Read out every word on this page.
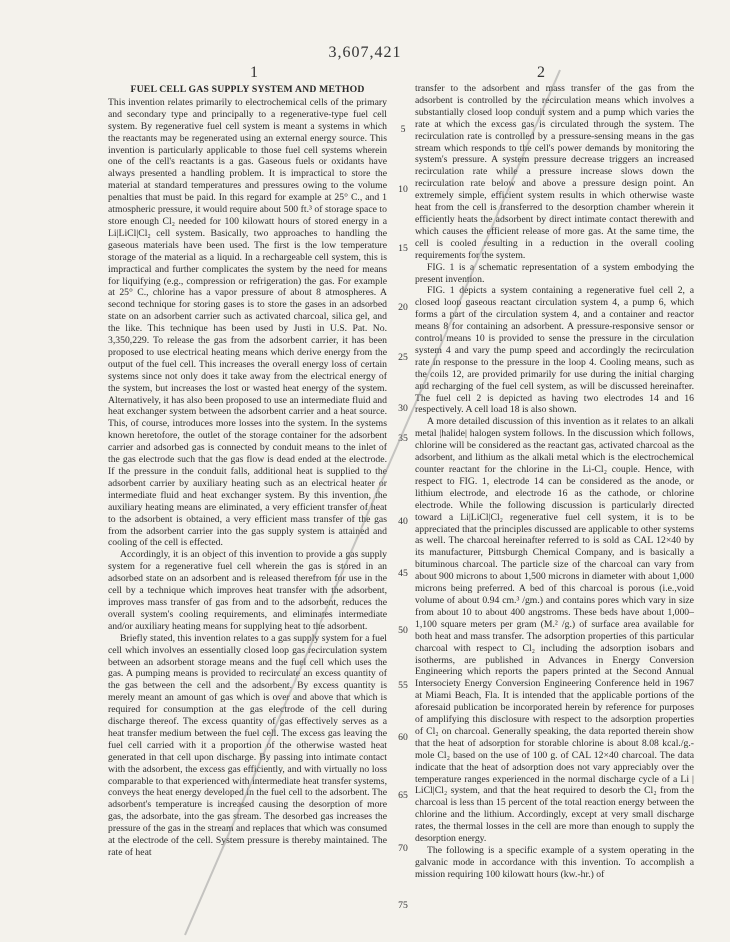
3,607,421
1	2
FUEL CELL GAS SUPPLY SYSTEM AND METHOD

This invention relates primarily to electrochemical cells of the primary and secondary type and principally to a regenerative-type fuel cell system. By regenerative fuel cell system is meant a systems in which the reactants may be regenerated using an external energy source. This invention is particularly applicable to those fuel cell systems wherein one of the cell's reactants is a gas. Gaseous fuels or oxidants have always presented a handling problem. It is impractical to store the material at standard temperatures and pressures owing to the volume penalties that must be paid. In this regard for example at 25° C., and 1 atmospheric pressure, it would require about 500 ft.³ of storage space to store enough Cl₂ needed for 100 kilowatt hours of stored energy in a Li|LiCl|Cl₂ cell system. Basically, two approaches to handling the gaseous materials have been used. The first is the low temperature storage of the material as a liquid. In a rechargeable cell system, this is impractical and further complicates the system by the need for means for liquifying (e.g., compression or refrigeration) the gas. For example at 25° C., chlorine has a vapor pressure of about 8 atmospheres. A second technique for storing gases is to store the gases in an adsorbed state on an adsorbent carrier such as activated charcoal, silica gel, and the like. This technique has been used by Justi in U.S. Pat. No. 3,350,229. To release the gas from the adsorbent carrier, it has been proposed to use electrical heating means which derive energy from the output of the fuel cell. This increases the overall energy loss of certain systems since not only does it take away from the electrical energy of the system, but increases the lost or wasted heat energy of the system. Alternatively, it has also been proposed to use an intermediate fluid and heat exchanger system between the adsorbent carrier and a heat source. This, of course, introduces more losses into the system. In the systems known heretofore, the outlet of the storage container for the adsorbent carrier and adsorbed gas is connected by conduit means to the inlet of the gas electrode such that the gas flow is dead ended at the electrode. If the pressure in the conduit falls, additional heat is supplied to the adsorbent carrier by auxiliary heating such as an electrical heater or intermediate fluid and heat exchanger system. By this invention, the auxiliary heating means are eliminated, a very efficient transfer of heat to the adsorbent is obtained, a very efficient mass transfer of the gas from the adsorbent carrier into the gas supply system is attained and cooling of the cell is effected.

Accordingly, it is an object of this invention to provide a gas supply system for a regenerative fuel cell wherein the gas is stored in an adsorbed state on an adsorbent and is released therefrom for use in the cell by a technique which improves heat transfer with the adsorbent, improves mass transfer of gas from and to the adsorbent, reduces the overall system's cooling requirements, and eliminates intermediate and/or auxiliary heating means for supplying heat to the adsorbent.

Briefly stated, this invention relates to a gas supply system for a fuel cell which involves an essentially closed loop gas recirculation system between an adsorbent storage means and the fuel cell which uses the gas. A pumping means is provided to recirculate an excess quantity of the gas between the cell and the adsorbent. By excess quantity is merely meant an amount of gas which is over and above that which is required for consumption at the gas electrode of the cell during discharge thereof. The excess quantity of gas effectively serves as a heat transfer medium between the fuel cell. The excess gas leaving the fuel cell carried with it a proportion of the otherwise wasted heat generated in that cell upon discharge. By passing into intimate contact with the adsorbent, the excess gas efficiently, and with virtually no loss comparable to that experienced with intermediate heat transfer systems, conveys the heat energy developed in the fuel cell to the adsorbent. The adsorbent's temperature is increased causing the desorption of more gas, the adsorbate, into the gas stream. The desorbed gas increases the pressure of the gas in the stream and replaces that which was consumed at the electrode of the cell. System pressure is thereby maintained. The rate of heat

transfer to the adsorbent and mass transfer of the gas from the adsorbent is controlled by the recirculation means which involves a substantially closed loop conduit system and a pump which varies the rate at which the excess gas is circulated through the system. The recirculation rate is controlled by a pressure-sensing means in the gas stream which responds to the cell's power demands by monitoring the system's pressure. A system pressure decrease triggers an increased recirculation rate while a pressure increase slows down the recirculation rate below and above a pressure design point. An extremely simple, efficient system results in which otherwise waste heat from the cell is transferred to the desorption chamber wherein it efficiently heats the adsorbent by direct intimate contact therewith and which causes the efficient release of more gas. At the same time, the cell is cooled resulting in a reduction in the overall cooling requirements for the system.

FIG. 1 is a schematic representation of a system embodying the present invention.

FIG. 1 depicts a system containing a regenerative fuel cell 2, a closed loop gaseous reactant circulation system 4, a pump 6, which forms a part of the circulation system 4, and a container and reactor means 8 for containing an adsorbent. A pressure-responsive sensor or control means 10 is provided to sense the pressure in the circulation system 4 and vary the pump speed and accordingly the recirculation rate in response to the pressure in the loop 4. Cooling means, such as the coils 12, are provided primarily for use during the initial charging and recharging of the fuel cell system, as will be discussed hereinafter. The fuel cell 2 is depicted as having two electrodes 14 and 16 respectively. A cell load 18 is also shown.

A more detailed discussion of this invention as it relates to an alkali metal |halide| halogen system follows. In the discussion which follows, chlorine will be considered as the reactant gas, activated charcoal as the adsorbent, and lithium as the alkali metal which is the electrochemical counter reactant for the chlorine in the Li-Cl₂ couple. Hence, with respect to FIG. 1, electrode 14 can be considered as the anode, or lithium electrode, and electrode 16 as the cathode, or chlorine electrode. While the following discussion is particularly directed toward a Li|LiCl|Cl₂ regenerative fuel cell system, it is to be appreciated that the principles discussed are applicable to other systems as well. The charcoal hereinafter referred to is sold as CAL 12×40 by its manufacturer, Pittsburgh Chemical Company, and is basically a bituminous charcoal. The particle size of the charcoal can vary from about 900 microns to about 1,500 microns in diameter with about 1,000 microns being preferred. A bed of this charcoal is porous (i.e.,void volume of about 0.94 cm.³ /gm.) and contains pores which vary in size from about 10 to about 400 angstroms. These beds have about 1,000–1,100 square meters per gram (M.² /g.) of surface area available for both heat and mass transfer. The adsorption properties of this particular charcoal with respect to Cl₂ including the adsorption isobars and isotherms, are published in Advances in Energy Conversion Engineering which reports the papers printed at the Second Annual Intersociety Energy Conversion Engineering Conference held in 1967 at Miami Beach, Fla. It is intended that the applicable portions of the aforesaid publication be incorporated herein by reference for purposes of amplifying this disclosure with respect to the adsorption properties of Cl₂ on charcoal. Generally speaking, the data reported therein show that the heat of adsorption for storable chlorine is about 8.08 kcal./g.-mole Cl₂ based on the use of 100 g. of CAL 12×40 charcoal. The data indicate that the heat of adsorption does not vary appreciably over the temperature ranges experienced in the normal discharge cycle of a Li | LiCl|Cl₂ system, and that the heat required to desorb the Cl₂ from the charcoal is less than 15 percent of the total reaction energy between the chlorine and the lithium. Accordingly, except at very small discharge rates, the thermal losses in the cell are more than enough to supply the desorption energy.

The following is a specific example of a system operating in the galvanic mode in accordance with this invention. To accomplish a mission requiring 100 kilowatt hours (kw.-hr.) of

5
10
15
20
25
30
35
40
45
50
55
60
65
70
75
